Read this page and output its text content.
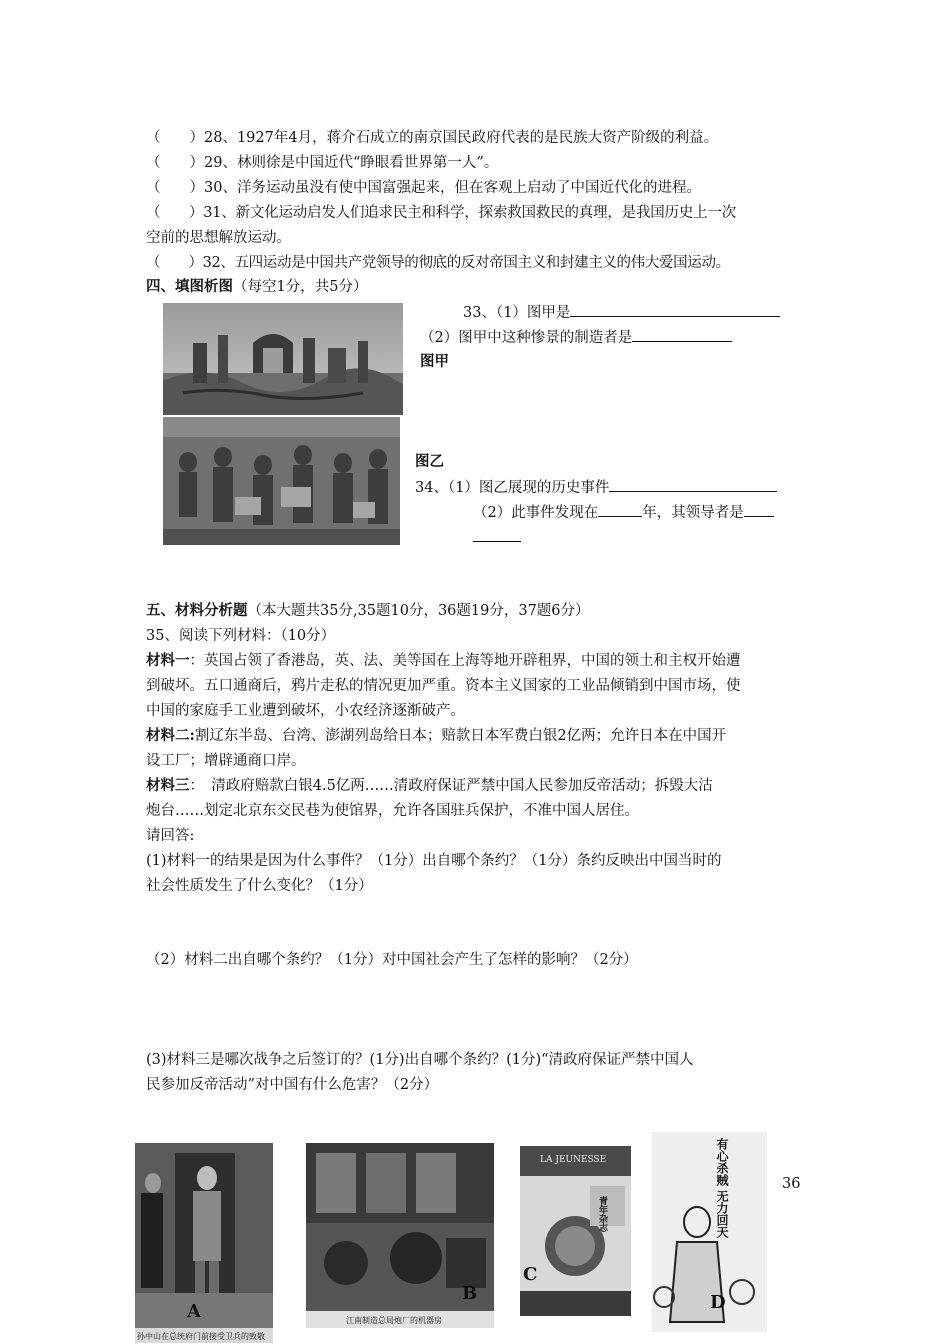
（　　）28、1927年4月，蒋介石成立的南京国民政府代表的是民族大资产阶级的利益。
（　　）29、林则徐是中国近代“睁眼看世界第一人”。
（　　）30、洋务运动虽没有使中国富强起来，但在客观上启动了中国近代化的进程。
（　　）31、新文化运动启发人们追求民主和科学，探索救国救民的真理，是我国历史上一次
空前的思想解放运动。
（　　）32、五四运动是中国共产党领导的彻底的反对帝国主义和封建主义的伟大爱国运动。
四、填图析图（每空1分，共5分）
33、（1）图甲是
（2）图甲中这种惨景的制造者是
图甲
图乙
34、（1）图乙展现的历史事件
（2）此事件发现在	年，其领导者是
五、材料分析题（本大题共35分,35题10分，36题19分，37题6分）
35、阅读下列材料：（10分）
材料一：英国占领了香港岛，英、法、美等国在上海等地开辟租界，中国的领土和主权开始遭
到破坏。五口通商后，鸦片走私的情况更加严重。资本主义国家的工业品倾销到中国市场，使
中国的家庭手工业遭到破坏，小农经济逐渐破产。
材料二:割辽东半岛、台湾、澎湖列岛给日本；赔款日本军费白银2亿两；允许日本在中国开
设工厂；增辟通商口岸。
材料三：　清政府赔款白银4.5亿两……清政府保证严禁中国人民参加反帝活动；拆毁大沽
炮台……划定北京东交民巷为使馆界，允许各国驻兵保护，不准中国人居住。
请回答:
(1)材料一的结果是因为什么事件？（1分）出自哪个条约？（1分）条约反映出中国当时的
社会性质发生了什么变化？（1分）
（2）材料二出自哪个条约？（1分）对中国社会产生了怎样的影响？（2分）
(3)材料三是哪次战争之后签订的？(1分)出自哪个条约？(1分)“清政府保证严禁中国人
民参加反帝活动”对中国有什么危害？（2分）
A
孙中山在总统府门前接受卫兵的致敬
B
江南制造总局炮厂的机器房
LA JEUNESSE
青年杂志
C
有心杀贼 无力回天
D
36
